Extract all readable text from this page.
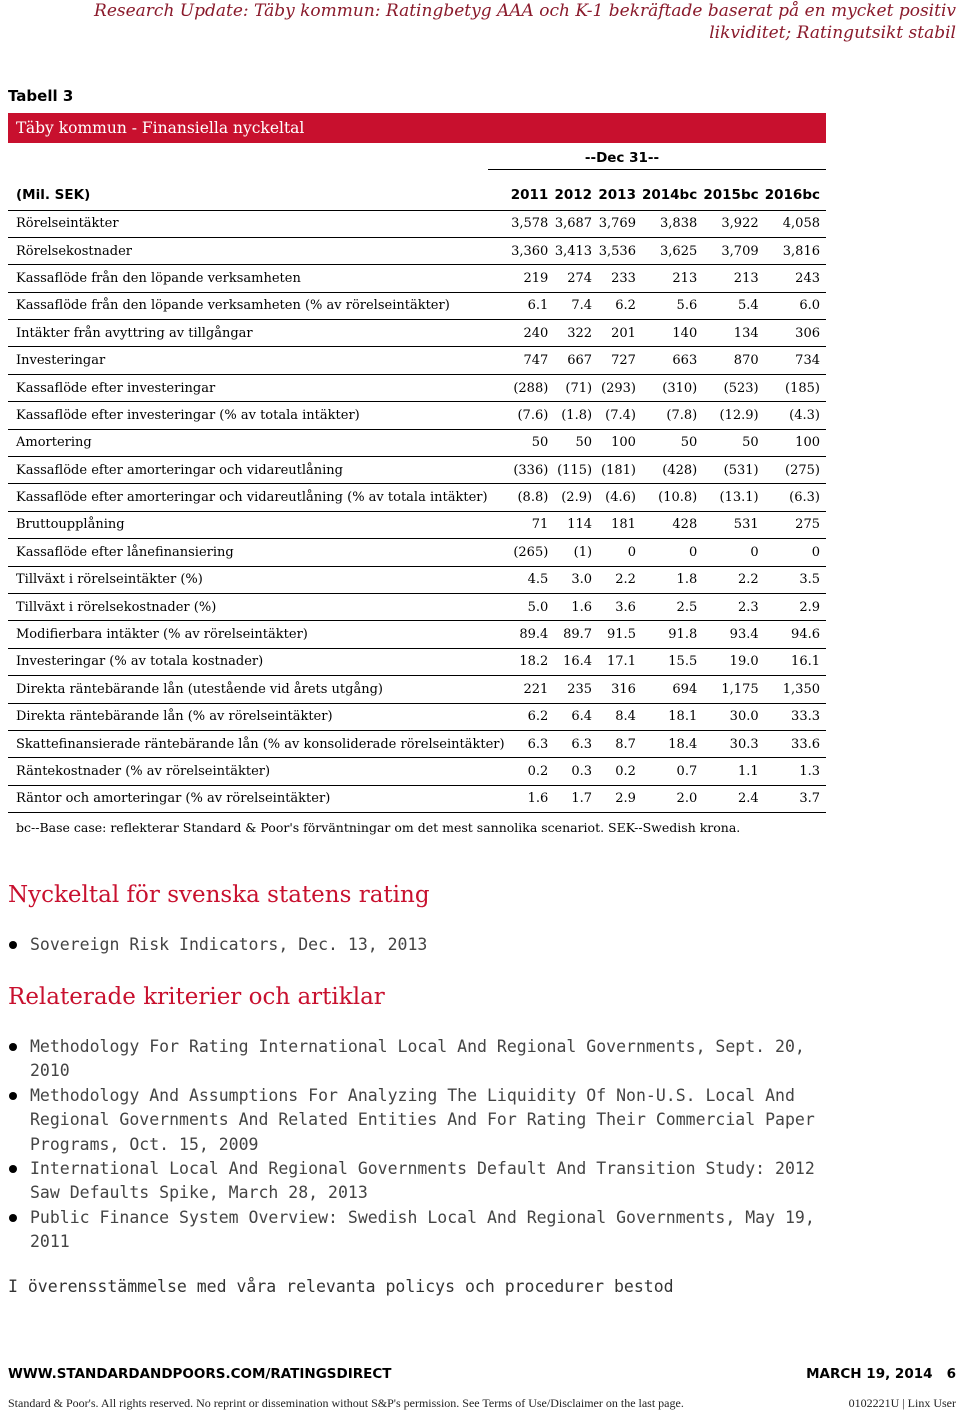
Research Update: Täby kommun: Ratingbetyg AAA och K-1 bekräftade baserat på en mycket positiv likviditet; Ratingutsikt stabil
Tabell 3
Täby kommun - Finansiella nyckeltal
--Dec 31--
(Mil. SEK)	2011	2012	2013	2014bc	2015bc	2016bc
Rörelseintäkter	3,578	3,687	3,769	3,838	3,922	4,058
Rörelsekostnader	3,360	3,413	3,536	3,625	3,709	3,816
Kassaflöde från den löpande verksamheten	219	274	233	213	213	243
Kassaflöde från den löpande verksamheten (% av rörelseintäkter)	6.1	7.4	6.2	5.6	5.4	6.0
Intäkter från avyttring av tillgångar	240	322	201	140	134	306
Investeringar	747	667	727	663	870	734
Kassaflöde efter investeringar	(288)	(71)	(293)	(310)	(523)	(185)
Kassaflöde efter investeringar (% av totala intäkter)	(7.6)	(1.8)	(7.4)	(7.8)	(12.9)	(4.3)
Amortering	50	50	100	50	50	100
Kassaflöde efter amorteringar och vidareutlåning	(336)	(115)	(181)	(428)	(531)	(275)
Kassaflöde efter amorteringar och vidareutlåning (% av totala intäkter)	(8.8)	(2.9)	(4.6)	(10.8)	(13.1)	(6.3)
Bruttoupplåning	71	114	181	428	531	275
Kassaflöde efter lånefinansiering	(265)	(1)	0	0	0	0
Tillväxt i rörelseintäkter (%)	4.5	3.0	2.2	1.8	2.2	3.5
Tillväxt i rörelsekostnader (%)	5.0	1.6	3.6	2.5	2.3	2.9
Modifierbara intäkter (% av rörelseintäkter)	89.4	89.7	91.5	91.8	93.4	94.6
Investeringar (% av totala kostnader)	18.2	16.4	17.1	15.5	19.0	16.1
Direkta räntebärande lån (utestående vid årets utgång)	221	235	316	694	1,175	1,350
Direkta räntebärande lån (% av rörelseintäkter)	6.2	6.4	8.4	18.1	30.0	33.3
Skattefinansierade räntebärande lån (% av konsoliderade rörelseintäkter)	6.3	6.3	8.7	18.4	30.3	33.6
Räntekostnader (% av rörelseintäkter)	0.2	0.3	0.2	0.7	1.1	1.3
Räntor och amorteringar (% av rörelseintäkter)	1.6	1.7	2.9	2.0	2.4	3.7
bc--Base case: reflekterar Standard & Poor's förväntningar om det mest sannolika scenariot. SEK--Swedish krona.
Nyckeltal för svenska statens rating
Sovereign Risk Indicators, Dec. 13, 2013
Relaterade kriterier och artiklar
Methodology For Rating International Local And Regional Governments, Sept. 20, 2010
Methodology And Assumptions For Analyzing The Liquidity Of Non-U.S. Local And Regional Governments And Related Entities And For Rating Their Commercial Paper Programs, Oct. 15, 2009
International Local And Regional Governments Default And Transition Study: 2012 Saw Defaults Spike, March 28, 2013
Public Finance System Overview: Swedish Local And Regional Governments, May 19, 2011
I överensstämmelse med våra relevanta policys och procedurer bestod
WWW.STANDARDANDPOORS.COM/RATINGSDIRECT	MARCH 19, 2014   6
Standard & Poor's. All rights reserved. No reprint or dissemination without S&P's permission. See Terms of Use/Disclaimer on the last page.	0102221U | Linx User
